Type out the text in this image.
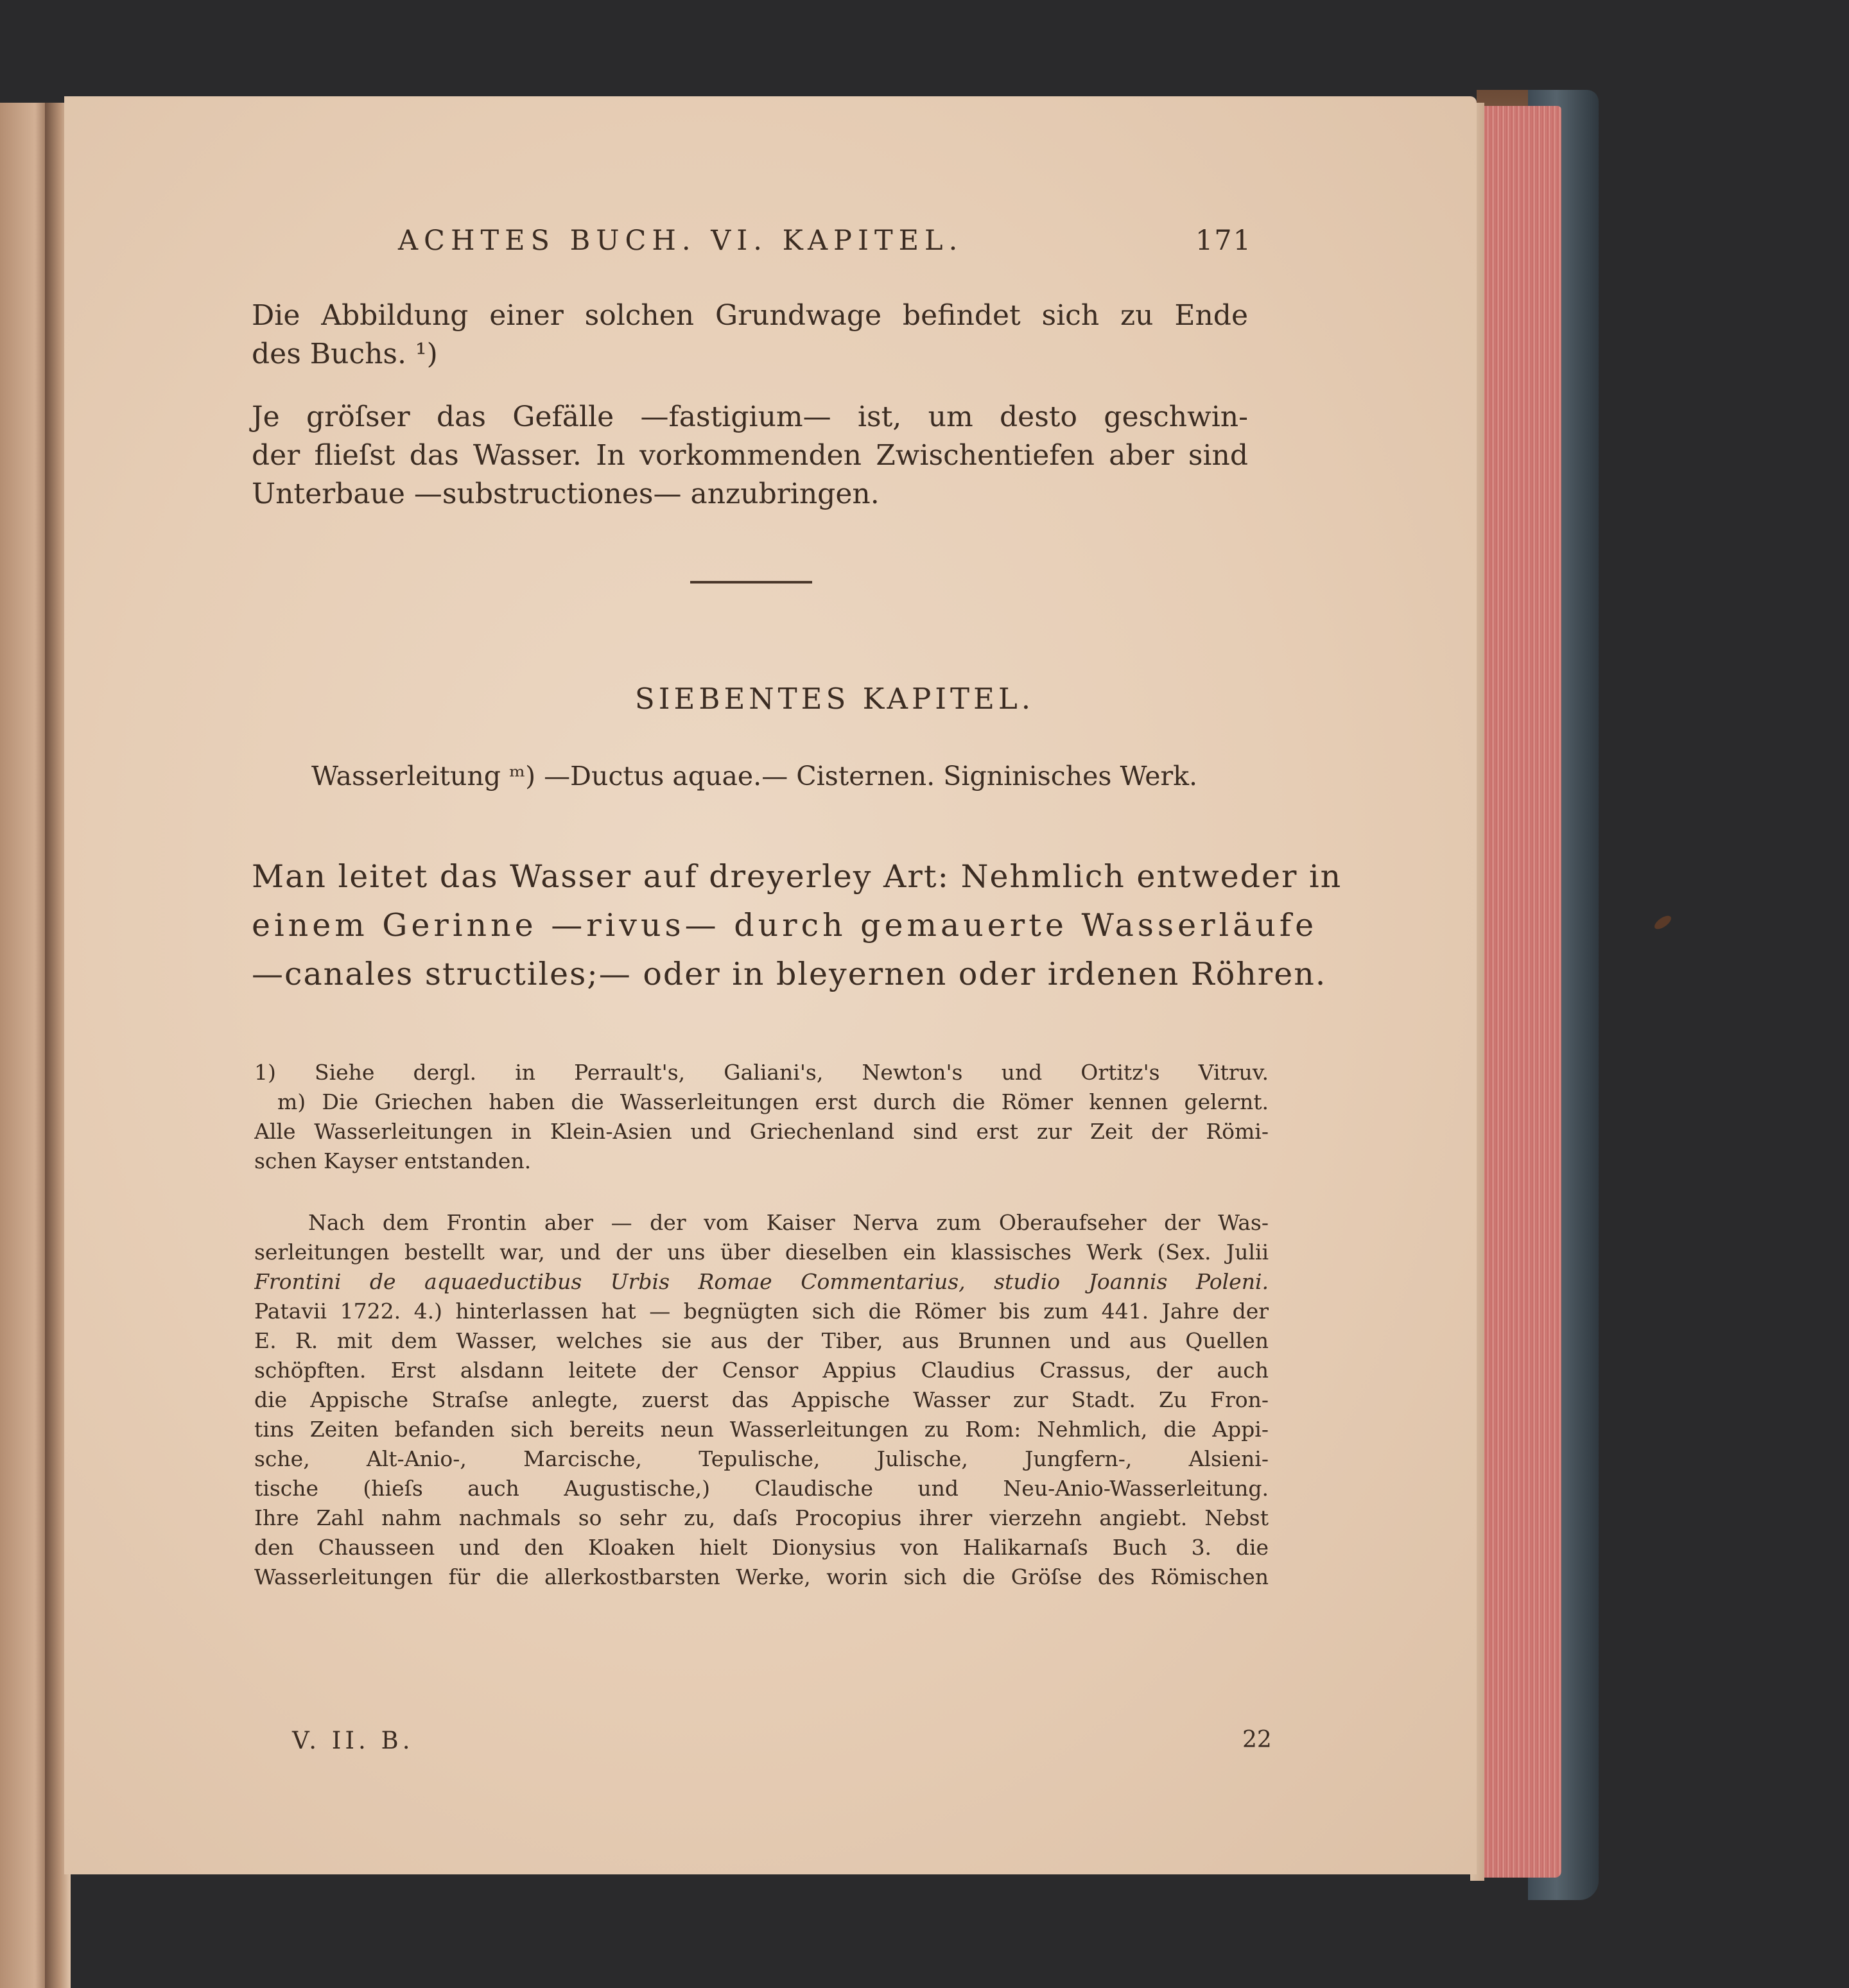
ACHTES BUCH. VI. KAPITEL.	171
Die Abbildung einer solchen Grundwage befindet sich zu Ende
des Buchs. ¹)
Je gröſser das Gefälle —fastigium— ist, um desto geschwin-
der flieſst das Wasser. In vorkommenden Zwischentiefen aber sind
Unterbaue —substructiones— anzubringen.
SIEBENTES KAPITEL.
Wasserleitung ᵐ) —Ductus aquae.— Cisternen. Signinisches Werk.
Man leitet das Wasser auf dreyerley Art: Nehmlich entweder in
einem Gerinne —rivus— durch gemauerte Wasserläufe
—canales structiles;— oder in bleyernen oder irdenen Röhren.
1) Siehe dergl. in Perrault's, Galiani's, Newton's und Ortitz's Vitruv.
m) Die Griechen haben die Wasserleitungen erst durch die Römer kennen gelernt.
Alle Wasserleitungen in Klein-Asien und Griechenland sind erst zur Zeit der Römi-
schen Kayser entstanden.
Nach dem Frontin aber — der vom Kaiser Nerva zum Oberaufseher der Was-
serleitungen bestellt war, und der uns über dieselben ein klassisches Werk (Sex. Julii
Frontini de aquaeductibus Urbis Romae Commentarius, studio Joannis Poleni.
Patavii 1722. 4.) hinterlassen hat — begnügten sich die Römer bis zum 441. Jahre der
E. R. mit dem Wasser, welches sie aus der Tiber, aus Brunnen und aus Quellen
schöpften. Erst alsdann leitete der Censor Appius Claudius Crassus, der auch
die Appische Straſse anlegte, zuerst das Appische Wasser zur Stadt. Zu Fron-
tins Zeiten befanden sich bereits neun Wasserleitungen zu Rom: Nehmlich, die Appi-
sche, Alt-Anio-, Marcische, Tepulische, Julische, Jungfern-, Alsieni-
tische (hieſs auch Augustische,) Claudische und Neu-Anio-Wasserleitung.
Ihre Zahl nahm nachmals so sehr zu, daſs Procopius ihrer vierzehn angiebt. Nebst
den Chausseen und den Kloaken hielt Dionysius von Halikarnaſs Buch 3. die
Wasserleitungen für die allerkostbarsten Werke, worin sich die Gröſse des Römischen
V. II. B.	22
